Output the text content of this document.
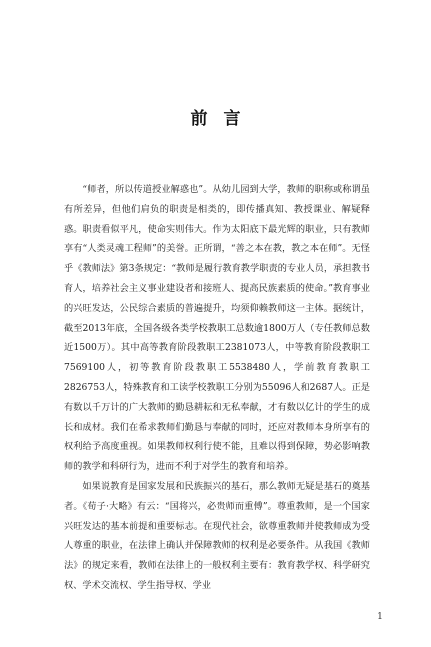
前言

“师者，所以传道授业解惑也”。从幼儿园到大学，教师的职称或称谓虽有所差异，但他们肩负的职责是相类的，即传播真知、教授课业、解疑释惑。职责看似平凡，使命实则伟大。作为太阳底下最光辉的职业，只有教师享有“人类灵魂工程师”的美誉。正所谓，“善之本在教，教之本在师”。无怪乎《教师法》第3条规定：“教师是履行教育教学职责的专业人员，承担教书育人，培养社会主义事业建设者和接班人、提高民族素质的使命。”教育事业的兴旺发达，公民综合素质的普遍提升，均须仰赖教师这一主体。据统计，截至2013年底，全国各级各类学校教职工总数逾1800万人（专任教师总数近1500万）。其中高等教育阶段教职工2381073人，中等教育阶段教职工7569100人，初等教育阶段教职工5538480人，学前教育教职工2826753人，特殊教育和工读学校教职工分别为55096人和2687人。正是有数以千万计的广大教师的勤恳耕耘和无私奉献，才有数以亿计的学生的成长和成材。我们在希求教师们勤恳与奉献的同时，还应对教师本身所享有的权利给予高度重视。如果教师权利行使不能，且难以得到保障，势必影响教师的教学和科研行为，进而不利于对学生的教育和培养。

如果说教育是国家发展和民族振兴的基石，那么教师无疑是基石的奠基者。《荀子·大略》有云：“国将兴，必贵师而重傅”。尊重教师，是一个国家兴旺发达的基本前提和重要标志。在现代社会，欲尊重教师并使教师成为受人尊重的职业，在法律上确认并保障教师的权利是必要条件。从我国《教师法》的规定来看，教师在法律上的一般权利主要有：教育教学权、科学研究权、学术交流权、学生指导权、学业

1
